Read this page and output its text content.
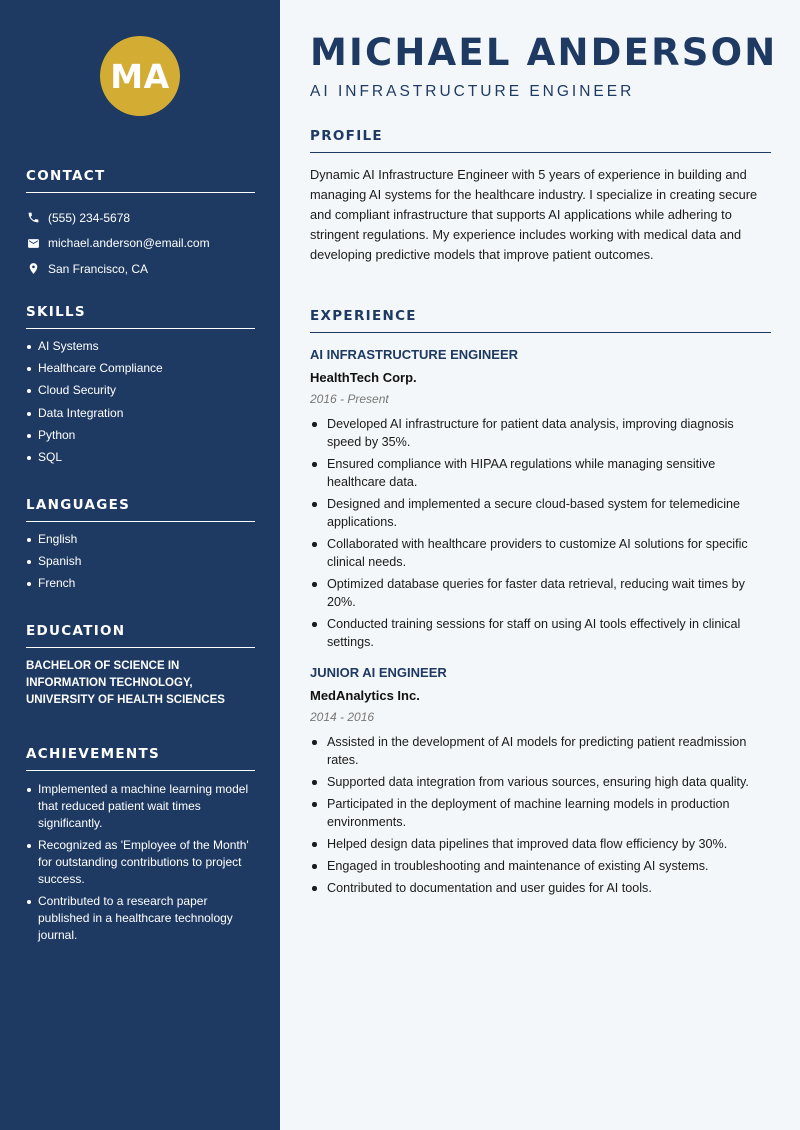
MA
CONTACT
(555) 234-5678
michael.anderson@email.com
San Francisco, CA
SKILLS
AI Systems
Healthcare Compliance
Cloud Security
Data Integration
Python
SQL
LANGUAGES
English
Spanish
French
EDUCATION

BACHELOR OF SCIENCE IN INFORMATION TECHNOLOGY, UNIVERSITY OF HEALTH SCIENCES

ACHIEVEMENTS
Implemented a machine learning model that reduced patient wait times significantly.
Recognized as 'Employee of the Month' for outstanding contributions to project success.
Contributed to a research paper published in a healthcare technology journal.
MICHAEL ANDERSON
AI INFRASTRUCTURE ENGINEER
PROFILE

Dynamic AI Infrastructure Engineer with 5 years of experience in building and managing AI systems for the healthcare industry. I specialize in creating secure and compliant infrastructure that supports AI applications while adhering to stringent regulations. My experience includes working with medical data and developing predictive models that improve patient outcomes.

EXPERIENCE
AI INFRASTRUCTURE ENGINEER
HealthTech Corp.
2016 - Present
Developed AI infrastructure for patient data analysis, improving diagnosis speed by 35%.
Ensured compliance with HIPAA regulations while managing sensitive healthcare data.
Designed and implemented a secure cloud-based system for telemedicine applications.
Collaborated with healthcare providers to customize AI solutions for specific clinical needs.
Optimized database queries for faster data retrieval, reducing wait times by 20%.
Conducted training sessions for staff on using AI tools effectively in clinical settings.
JUNIOR AI ENGINEER
MedAnalytics Inc.
2014 - 2016
Assisted in the development of AI models for predicting patient readmission rates.
Supported data integration from various sources, ensuring high data quality.
Participated in the deployment of machine learning models in production environments.
Helped design data pipelines that improved data flow efficiency by 30%.
Engaged in troubleshooting and maintenance of existing AI systems.
Contributed to documentation and user guides for AI tools.
